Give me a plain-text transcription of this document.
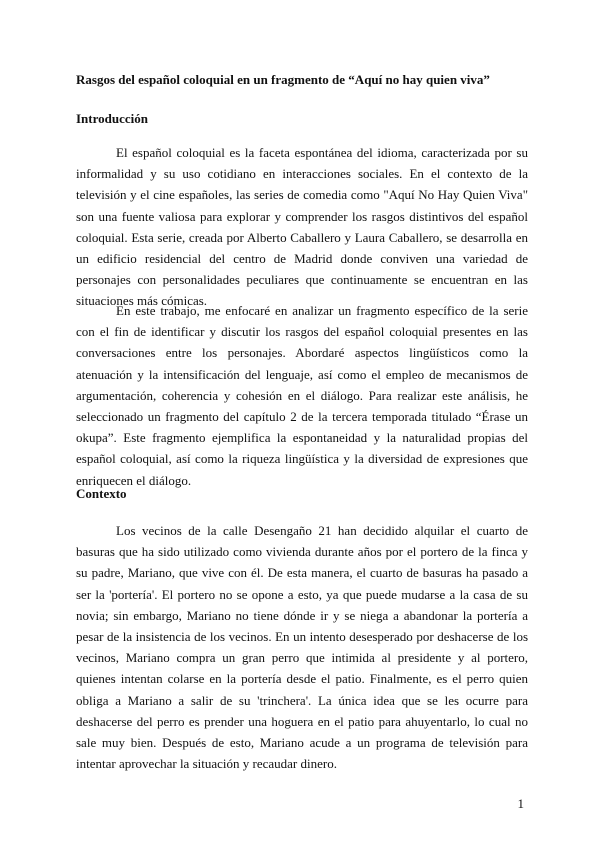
Rasgos del español coloquial en un fragmento de “Aquí no hay quien viva”
Introducción

El español coloquial es la faceta espontánea del idioma, caracterizada por su informalidad y su uso cotidiano en interacciones sociales. En el contexto de la televisión y el cine españoles, las series de comedia como "Aquí No Hay Quien Viva" son una fuente valiosa para explorar y comprender los rasgos distintivos del español coloquial. Esta serie, creada por Alberto Caballero y Laura Caballero, se desarrolla en un edificio residencial del centro de Madrid donde conviven una variedad de personajes con personalidades peculiares que continuamente se encuentran en las situaciones más cómicas.

En este trabajo, me enfocaré en analizar un fragmento específico de la serie con el fin de identificar y discutir los rasgos del español coloquial presentes en las conversaciones entre los personajes. Abordaré aspectos lingüísticos como la atenuación y la intensificación del lenguaje, así como el empleo de mecanismos de argumentación, coherencia y cohesión en el diálogo. Para realizar este análisis, he seleccionado un fragmento del capítulo 2 de la tercera temporada titulado “Érase un okupa”. Este fragmento ejemplifica la espontaneidad y la naturalidad propias del español coloquial, así como la riqueza lingüística y la diversidad de expresiones que enriquecen el diálogo.

Contexto

Los vecinos de la calle Desengaño 21 han decidido alquilar el cuarto de basuras que ha sido utilizado como vivienda durante años por el portero de la finca y su padre, Mariano, que vive con él. De esta manera, el cuarto de basuras ha pasado a ser la 'portería'. El portero no se opone a esto, ya que puede mudarse a la casa de su novia; sin embargo, Mariano no tiene dónde ir y se niega a abandonar la portería a pesar de la insistencia de los vecinos. En un intento desesperado por deshacerse de los vecinos, Mariano compra un gran perro que intimida al presidente y al portero, quienes intentan colarse en la portería desde el patio. Finalmente, es el perro quien obliga a Mariano a salir de su 'trinchera'. La única idea que se les ocurre para deshacerse del perro es prender una hoguera en el patio para ahuyentarlo, lo cual no sale muy bien. Después de esto, Mariano acude a un programa de televisión para intentar aprovechar la situación y recaudar dinero.

1
